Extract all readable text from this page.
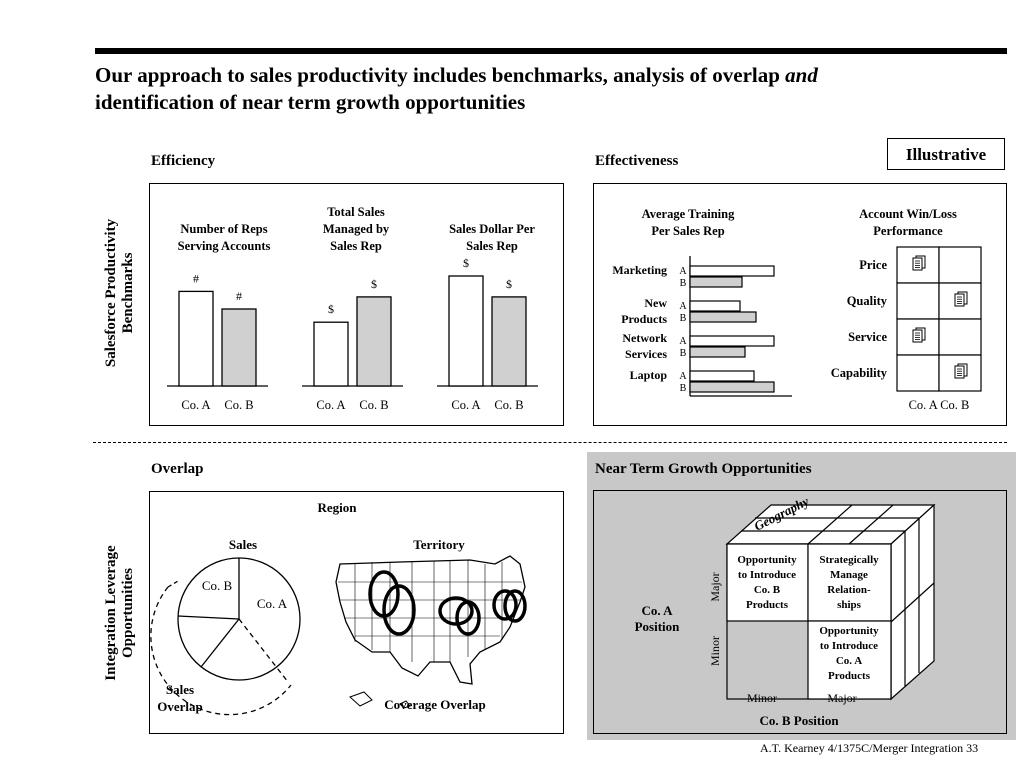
Our approach to sales productivity includes benchmarks, analysis of overlap and
identification of near term growth opportunities
Illustrative
Salesforce Productivity Benchmarks
Integration Leverage Opportunities
Efficiency
Number of Reps
Serving Accounts
#
Co. A
#
Co. B
Total Sales
Managed by
Sales Rep
$
Co. A
$
Co. B
Sales Dollar Per
Sales Rep
$
Co. A
$
Co. B
Effectiveness
Average Training
Per Sales Rep
A
B
Marketing
A
B
New
Products
A
B
Network
Services
A
B
Laptop
Account Win/Loss
Performance
Price
Quality
Service
Capability
Co. A Co. B
Overlap
Region
Sales
Co. B
Co. A
Sales
Overlap
Territory
Coverage Overlap
Near Term Growth Opportunities
Geography
Opportunity
to Introduce
Co. B
Products
Strategically
Manage
Relation-
ships
Opportunity
to Introduce
Co. A
Products
Co. A
Position
Major
Minor
Minor	Major
Co. B Position
A.T. Kearney 4/1375C/Merger Integration 33
